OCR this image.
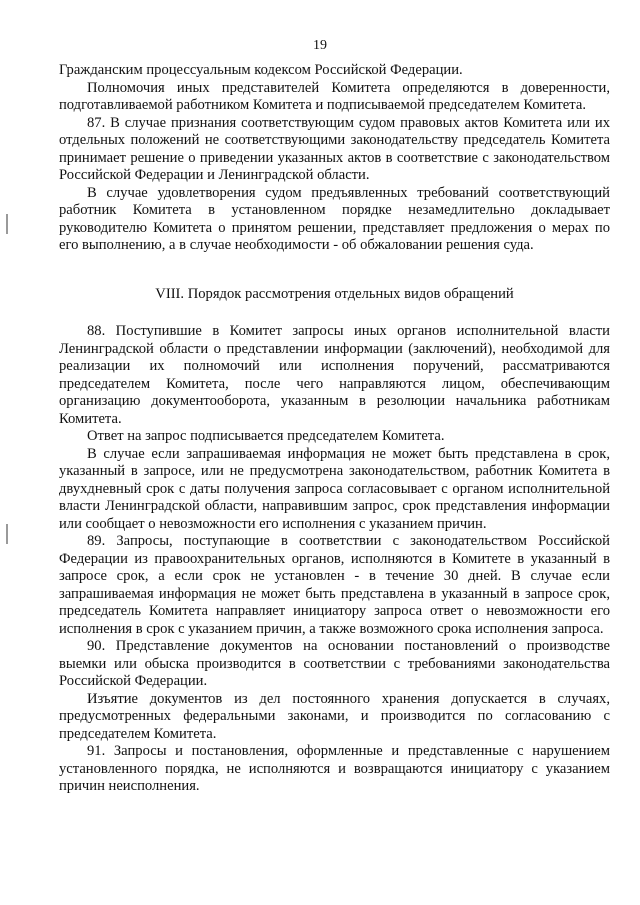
19

Гражданским процессуальным кодексом Российской Федерации.

Полномочия иных представителей Комитета определяются в доверенности, подготавливаемой работником Комитета и подписываемой председателем Комитета.

87. В случае признания соответствующим судом правовых актов Комитета или их отдельных положений не соответствующими законодательству председатель Комитета принимает решение о приведении указанных актов в соответствие с законодательством Российской Федерации и Ленинградской области.

В случае удовлетворения судом предъявленных требований соответствующий работник Комитета в установленном порядке незамедлительно докладывает руководителю Комитета о принятом решении, представляет предложения о мерах по его выполнению, а в случае необходимости - об обжаловании решения суда.

VIII. Порядок рассмотрения отдельных видов обращений

88. Поступившие в Комитет запросы иных органов исполнительной власти Ленинградской области о представлении информации (заключений), необходимой для реализации их полномочий или исполнения поручений, рассматриваются председателем Комитета, после чего направляются лицом, обеспечивающим организацию документооборота, указанным в резолюции начальника работникам Комитета.

Ответ на запрос подписывается председателем Комитета.

В случае если запрашиваемая информация не может быть представлена в срок, указанный в запросе, или не предусмотрена законодательством, работник Комитета в двухдневный срок с даты получения запроса согласовывает с органом исполнительной власти Ленинградской области, направившим запрос, срок представления информации или сообщает о невозможности его исполнения с указанием причин.

89. Запросы, поступающие в соответствии с законодательством Российской Федерации из правоохранительных органов, исполняются в Комитете в указанный в запросе срок, а если срок не установлен - в течение 30 дней. В случае если запрашиваемая информация не может быть представлена в указанный в запросе срок, председатель Комитета направляет инициатору запроса ответ о невозможности его исполнения в срок с указанием причин, а также возможного срока исполнения запроса.

90. Представление документов на основании постановлений о производстве выемки или обыска производится в соответствии с требованиями законодательства Российской Федерации.

Изъятие документов из дел постоянного хранения допускается в случаях, предусмотренных федеральными законами, и производится по согласованию с председателем Комитета.

91. Запросы и постановления, оформленные и представленные с нарушением установленного порядка, не исполняются и возвращаются инициатору с указанием причин неисполнения.
